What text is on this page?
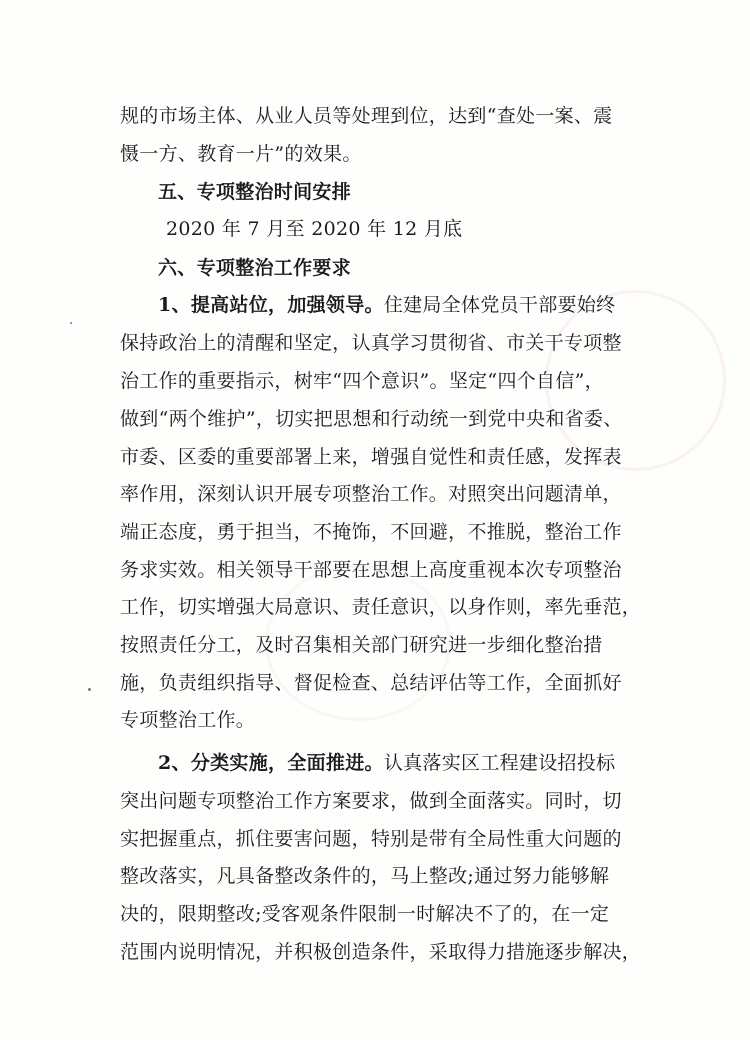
规的市场主体、从业人员等处理到位，达到“查处一案、震
慑一方、教育一片”的效果。
五、专项整治时间安排
2020 年 7 月至 2020 年 12 月底
六、专项整治工作要求
1、提高站位，加强领导。住建局全体党员干部要始终
保持政治上的清醒和坚定，认真学习贯彻省、市关干专项整
治工作的重要指示，树牢“四个意识”。坚定“四个自信”，
做到“两个维护”，切实把思想和行动统一到党中央和省委、
市委、区委的重要部署上来，增强自觉性和责任感，发挥表
率作用，深刻认识开展专项整治工作。对照突出问题清单，
端正态度，勇于担当，不掩饰，不回避，不推脱，整治工作
务求实效。相关领导干部要在思想上高度重视本次专项整治
工作，切实增强大局意识、责任意识，以身作则，率先垂范，
按照责任分工，及时召集相关部门研究进一步细化整治措
施，负责组织指导、督促检查、总结评估等工作，全面抓好
专项整治工作。
2、分类实施，全面推进。认真落实区工程建设招投标
突出问题专项整治工作方案要求，做到全面落实。同时，切
实把握重点，抓住要害问题，特别是带有全局性重大问题的
整改落实，凡具备整改条件的，马上整改;通过努力能够解
决的，限期整改;受客观条件限制一时解决不了的，在一定
范围内说明情况，并积极创造条件，采取得力措施逐步解决，
